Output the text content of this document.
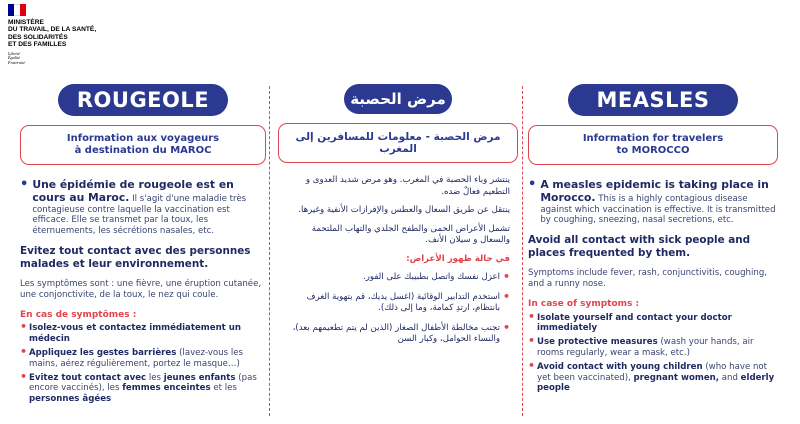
MINISTÈRE
DU TRAVAIL, DE LA SANTÉ,
DES SOLIDARITÉS
ET DES FAMILLES
Liberté
Égalité
Fraternité
ROUGEOLE
Information aux voyageurs
à destination du MAROC
• Une épidémie de rougeole est en cours au Maroc. Il s'agit d'une maladie très contagieuse contre laquelle la vaccination est efficace. Elle se transmet par la toux, les éternuements, les sécrétions nasales, etc.
Evitez tout contact avec des personnes malades et leur environnement.
Les symptômes sont : une fièvre, une éruption cutanée, une conjonctivite, de la toux, le nez qui coule.
En cas de symptômes :
• Isolez-vous et contactez immédiatement un médecin
• Appliquez les gestes barrières (lavez-vous les mains, aérez régulièrement, portez le masque…)
• Evitez tout contact avec les jeunes enfants (pas encore vaccinés), les femmes enceintes et les personnes âgées
مرض الحصبة
مرض الحصبة - معلومات للمسافرين إلى المغرب

ينتشر وباء الحصبة في المغرب. وهو مرض شديد العدوى و التطعيم فعالٌ ضده.

ينتقل عن طريق السعال والعطس والإفرازات الأنفية وغيرها.

تشمل الأعراض الحمى والطفح الجلدي والتهاب الملتحمة والسعال و سيلان الأنف.

في حالة ظهور الأعراض:

• اعزل نفسك واتصل بطبيبك على الفور.
• استخدم التدابير الوقائية (اغسل يديك، قم بتهوية الغرف بانتظام، ارتدِ كمامة، وما إلى ذلك).
• تجنب مخالطة الأطفال الصغار (الذين لم يتم تطعيمهم بعد)، والنساء الحوامل، وكبار السن
MEASLES
Information for travelers
to MOROCCO
• A measles epidemic is taking place in Morocco. This is a highly contagious disease against which vaccination is effective. It is transmitted by coughing, sneezing, nasal secretions, etc.
Avoid all contact with sick people and places frequented by them.
Symptoms include fever, rash, conjunctivitis, coughing, and a runny nose.
In case of symptoms :
• Isolate yourself and contact your doctor immediately
• Use protective measures (wash your hands, air rooms regularly, wear a mask, etc.)
• Avoid contact with young children (who have not yet been vaccinated), pregnant women, and elderly people
